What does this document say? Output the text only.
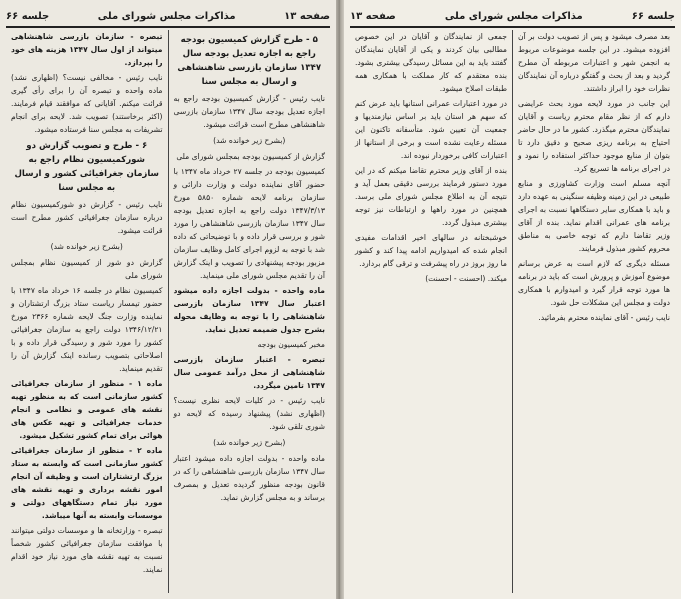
صفحه ۱۳
مذاکرات مجلس شورای ملی
جلسه ۶۶

۵ - طرح گزارش کمیسیون بودجه راجع به اجازه تعدیل بودجه سال ۱۳۴۷ سازمان بازرسی شاهنشاهی و ارسال به مجلس سنا

نایب رئیس - گزارش کمیسیون بودجه راجع به اجازه تعدیل بودجه سال ۱۳۴۷ سازمان بازرسی شاهنشاهی مطرح است قرائت میشود.

(بشرح زیر خوانده شد)

گزارش از کمیسیون بودجه بمجلس شورای ملی

کمیسیون بودجه در جلسه ۲۷ خرداد ماه ۱۳۴۷ با حضور آقای نماینده دولت و وزارت دارائی و سازمان برنامه لایحه شماره ۵۸۵۰ مورخ ۱۳۴۷/۳/۱۳ دولت راجع به اجازه تعدیل بودجه سال ۱۳۴۷ سازمان بازرسی شاهنشاهی را مورد شور و بررسی قرار داده و با توضیحاتی که داده شد با توجه به لزوم اجرای کامل وظایف سازمان مزبور بودجه پیشنهادی را تصویب و اینک گزارش آن را تقدیم مجلس شورای ملی مینماید.

ماده واحده - بدولت اجازه داده میشود اعتبار سال ۱۳۴۷ سازمان بازرسی شاهنشاهی را با توجه به وظایف محوله بشرح جدول ضمیمه تعدیل نماید.

مخبر کمیسیون بودجه

تبصره - اعتبار سازمان بازرسی شاهنشاهی از محل درآمد عمومی سال ۱۳۴۷ تامین میگردد.

نایب رئیس - در کلیات لایحه نظری نیست؟ (اظهاری نشد) پیشنهاد رسیده که لایحه دو شوری تلقی شود.

(بشرح زیر خوانده شد)

ماده واحده - بدولت اجازه داده میشود اعتبار سال ۱۳۴۷ سازمان بازرسی شاهنشاهی را که در قانون بودجه منظور گردیده تعدیل و بمصرف برساند و به مجلس گزارش نماید.

تبصره - سازمان بازرسی شاهنشاهی میتواند از اول سال ۱۳۴۷ هزینه های خود را بپردازد.

نایب رئیس - مخالفی نیست؟ (اظهاری نشد) ماده واحده و تبصره آن را برای رأی گیری قرائت میکنم. آقایانی که موافقند قیام فرمایند. (اکثر برخاستند) تصویب شد. لایحه برای انجام تشریفات به مجلس سنا فرستاده میشود.

۶ - طرح و تصویب گزارش دو شورکمیسیون نظام راجع به سازمان جغرافیائی کشور و ارسال به مجلس سنا

نایب رئیس - گزارش دو شورکمیسیون نظام درباره سازمان جغرافیائی کشور مطرح است قرائت میشود.

(بشرح زیر خوانده شد)

گزارش دو شور از کمیسیون نظام بمجلس شورای ملی

کمیسیون نظام در جلسه ۱۶ خرداد ماه ۱۳۴۷ با حضور تیمسار ریاست ستاد بزرگ ارتشتاران و نماینده وزارت جنگ لایحه شماره ۲۳۶۶ مورخ ۱۳۴۶/۱۲/۲۱ دولت راجع به سازمان جغرافیائی کشور را مورد شور و رسیدگی قرار داده و با اصلاحاتی بتصویب رسانده اینک گزارش آن را تقدیم مینماید.

ماده ۱ - منظور از سازمان جغرافیائی کشور سازمانی است که به منظور تهیه نقشه های عمومی و نظامی و انجام خدمات جغرافیائی و تهیه عکس های هوائی برای تمام کشور تشکیل میشود.

ماده ۲ - منظور از سازمان جغرافیائی کشور سازمانی است که وابسته به ستاد بزرگ ارتشتاران است و وظیفه آن انجام امور نقشه برداری و تهیه نقشه های مورد نیاز تمام دستگاههای دولتی و موسسات وابسته به آنها میباشد.

تبصره - وزارتخانه ها و موسسات دولتی میتوانند با موافقت سازمان جغرافیائی کشور شخصاً نسبت به تهیه نقشه های مورد نیاز خود اقدام نمایند.

جلسه ۶۶
مذاکرات مجلس شورای ملی
صفحه ۱۳

بعد مصرف میشود و پس از تصویب دولت بر آن افزوده میشود. در این جلسه موضوعات مربوط به انجمن شهر و اعتبارات مربوطه آن مطرح گردید و بعد از بحث و گفتگو درباره آن نمایندگان نظرات خود را ابراز داشتند.

این جانب در مورد لایحه مورد بحث عرایضی دارم که از نظر مقام محترم ریاست و آقایان نمایندگان محترم میگذرد. کشور ما در حال حاضر احتیاج به برنامه ریزی صحیح و دقیق دارد تا بتوان از منابع موجود حداکثر استفاده را نمود و در اجرای برنامه ها تسریع کرد.

آنچه مسلم است وزارت کشاورزی و منابع طبیعی در این زمینه وظیفه سنگینی به عهده دارد و باید با همکاری سایر دستگاهها نسبت به اجرای برنامه های عمرانی اقدام نماید. بنده از آقای وزیر تقاضا دارم که توجه خاصی به مناطق محروم کشور مبذول فرمایند.

مسئله دیگری که لازم است به عرض برسانم موضوع آموزش و پرورش است که باید در برنامه ها مورد توجه قرار گیرد و امیدوارم با همکاری دولت و مجلس این مشکلات حل شود.

نایب رئیس - آقای نماینده محترم بفرمائید.

جمعی از نمایندگان و آقایان در این خصوص مطالبی بیان کردند و یکی از آقایان نمایندگان گفتند باید به این مسائل رسیدگی بیشتری بشود. بنده معتقدم که کار مملکت با همکاری همه طبقات اصلاح میشود.

در مورد اعتبارات عمرانی استانها باید عرض کنم که سهم هر استان باید بر اساس نیازمندیها و جمعیت آن تعیین شود. متأسفانه تاکنون این مسئله رعایت نشده است و برخی از استانها از اعتبارات کافی برخوردار نبوده اند.

بنده از آقای وزیر محترم تقاضا میکنم که در این مورد دستور فرمایند بررسی دقیقی بعمل آید و نتیجه آن به اطلاع مجلس شورای ملی برسد. همچنین در مورد راهها و ارتباطات نیز توجه بیشتری مبذول گردد.

خوشبختانه در سالهای اخیر اقدامات مفیدی انجام شده که امیدواریم ادامه پیدا کند و کشور ما روز بروز در راه پیشرفت و ترقی گام بردارد.

میکند. (احسنت - احسنت)
